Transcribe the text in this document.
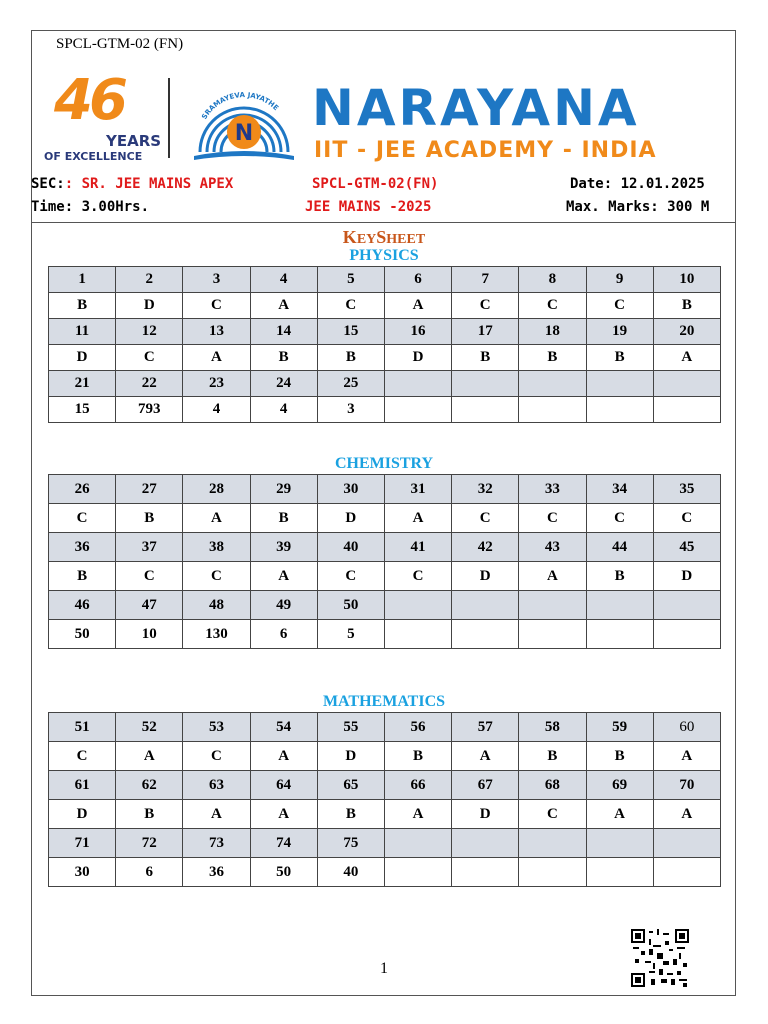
SPCL-GTM-02 (FN)
46
YEARS
OF EXCELLENCE
N
SRAMAYEVA JAYATHE NARAYANA
IIT - JEE ACADEMY - INDIA
SEC:: SR. JEE MAINS APEX	SPCL-GTM-02(FN)	Date: 12.01.2025
Time: 3.00Hrs.	JEE MAINS -2025	Max. Marks: 300 M
KEYSHEET
PHYSICS
1	2	3	4	5	6	7	8	9	10
B	D	C	A	C	A	C	C	C	B
11	12	13	14	15	16	17	18	19	20
D	C	A	B	B	D	B	B	B	A
21	22	23	24	25					
15	793	4	4	3					
CHEMISTRY
26	27	28	29	30	31	32	33	34	35
C	B	A	B	D	A	C	C	C	C
36	37	38	39	40	41	42	43	44	45
B	C	C	A	C	C	D	A	B	D
46	47	48	49	50					
50	10	130	6	5					
MATHEMATICS
51	52	53	54	55	56	57	58	59	60
C	A	C	A	D	B	A	B	B	A
61	62	63	64	65	66	67	68	69	70
D	B	A	A	B	A	D	C	A	A
71	72	73	74	75					
30	6	36	50	40					
1
